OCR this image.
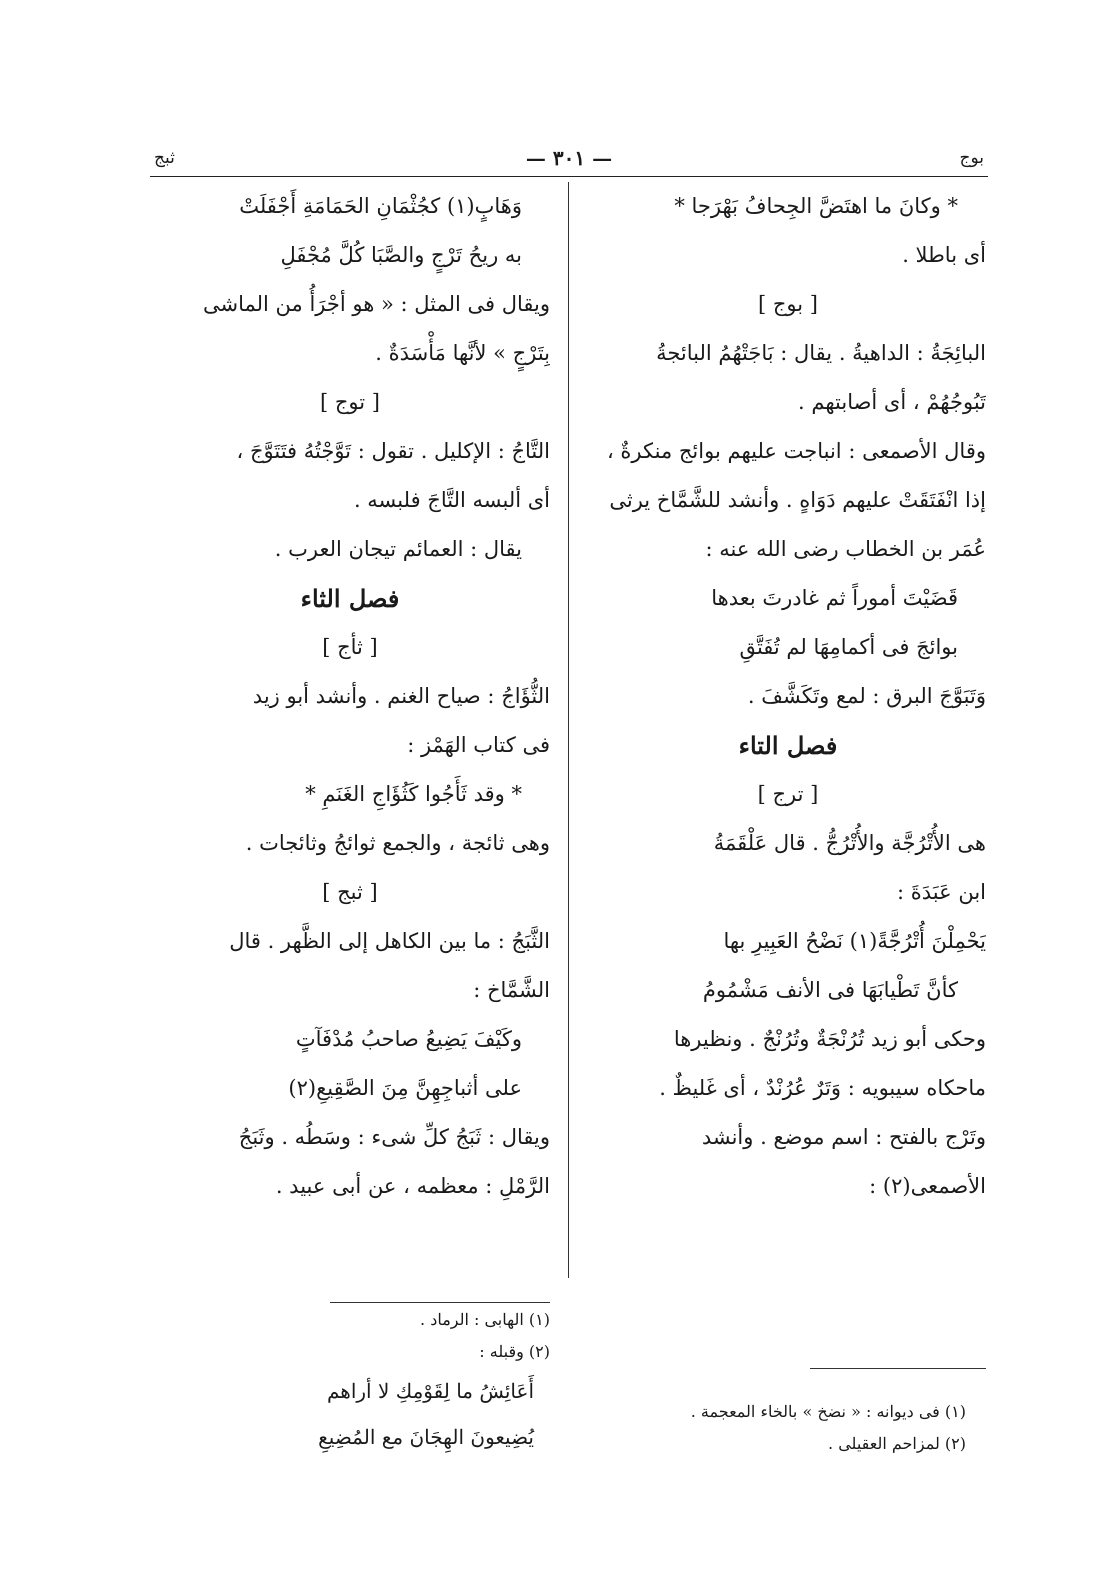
بوج
— ٣٠١ —
ثبج
* وكانَ ما اهتَضَّ الجِحافُ بَهْرَجا *
أى باطلا .
[ بوج ]
البائِجَةُ : الداهيةُ . يقال : بَاجَتْهُمُ البائجةُ
تَبُوجُهُمْ ، أى أصابتهم .
وقال الأصمعى : انباجت عليهم بوائج منكرةٌ ،
إذا انْفَتَقَتْ عليهم دَوَاهٍ . وأنشد للشَّمَّاخ يرثى
عُمَر بن الخطاب رضى الله عنه :
قَضَيْتَ أموراً ثم غادرتَ بعدها
بوائجَ فى أكمامِهَا لم تُفَتَّقِ
وَتَبَوَّجَ البرق : لمع وتَكَشَّفَ .
فصل التاء
[ ترج ]
هى الأُتْرُجَّة والأُتْرُجُّ . قال عَلْقَمَةُ
ابن عَبَدَةَ :
يَحْمِلْنَ أُتْرُجَّةً(١) نَضْحُ العَبِيرِ بها
كأنَّ تَطْيابَهَا فى الأنف مَشْمُومُ
وحكى أبو زيد تُرُنْجَةٌ وتُرُنْجٌ . ونظيرها
ماحكاه سيبويه : وَتَرٌ عُرُنْدٌ ، أى غَليظٌ .
وتَرْج بالفتح : اسم موضع . وأنشد
الأصمعى(٢) :
وَهَابٍ(١) كجُثْمَانِ الحَمَامَةِ أَجْفَلَتْ
به ريحُ تَرْجٍ والصَّبَا كُلَّ مُجْفَلِ
ويقال فى المثل : « هو أجْرَأُ من الماشى
بِتَرْجٍ » لأنَّها مَأْسَدَةٌ .
[ توج ]
التَّاجُ : الإكليل . تقول : تَوَّجْتُهُ فتَتَوَّجَ ،
أى ألبسه التَّاجَ فلبسه .
يقال : العمائم تيجان العرب .
فصل الثاء
[ ثأج ]
الثُّؤَاجُ : صياح الغنم . وأنشد أبو زيد
فى كتاب الهَمْز :
* وقد ثَأَجُوا كَثُؤَاجِ الغَنَمِ *
وهى ثائجة ، والجمع ثوائجُ وثائجات .
[ ثبج ]
الثَّبَجُ : ما بين الكاهل إلى الظَّهر . قال
الشَّمَّاخ :
وكَيْفَ يَضِيعُ صاحبُ مُدْفَآتٍ
على أثباجِهِنَّ مِنَ الصَّقِيعِ(٢)
ويقال : ثَبَجُ كلِّ شىء : وسَطُه . وثَبَجُ
الرَّمْلِ : معظمه ، عن أبى عبيد .
(١) فى ديوانه : « نضخ » بالخاء المعجمة .
(٢) لمزاحم العقيلى .
(١) الهابى : الرماد .
(٢) وقبله :
أَعَائِشُ ما لِقَوْمِكِ لا أراهم
يُضِيعونَ الهِجَانَ مع المُضِيعِ
